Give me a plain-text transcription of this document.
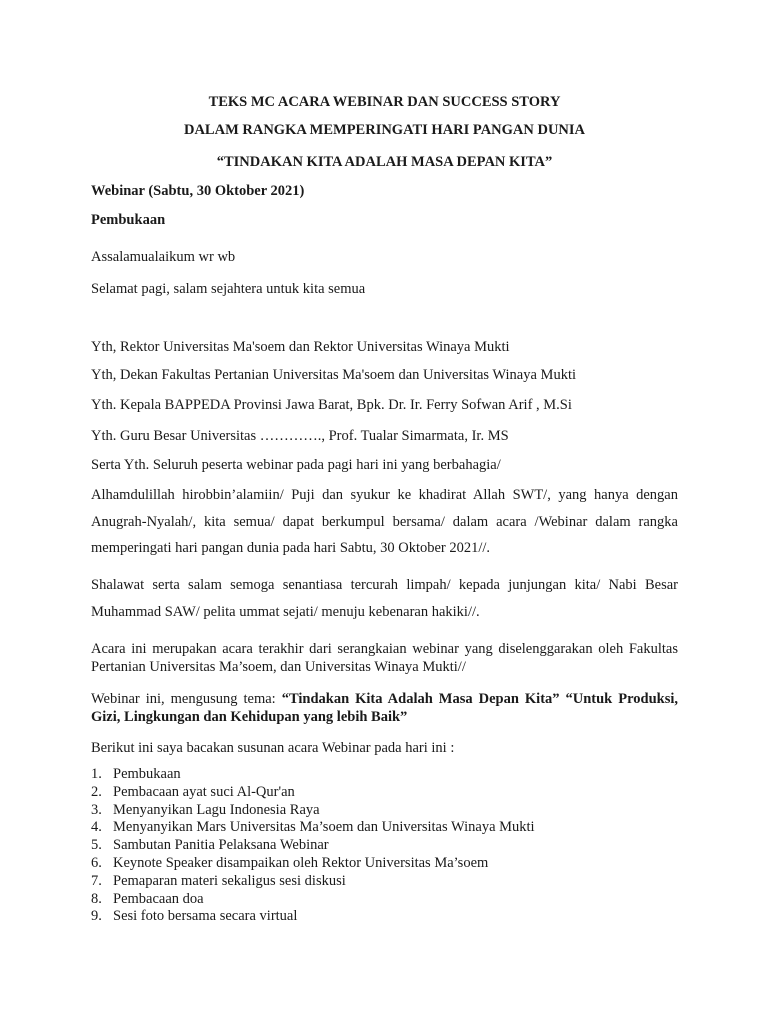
TEKS MC ACARA WEBINAR DAN SUCCESS STORY
DALAM RANGKA MEMPERINGATI HARI PANGAN DUNIA
“TINDAKAN KITA ADALAH MASA DEPAN KITA”
Webinar (Sabtu, 30 Oktober 2021)
Pembukaan
Assalamualaikum wr wb
Selamat pagi, salam sejahtera untuk kita semua
Yth, Rektor Universitas Ma'soem dan Rektor Universitas Winaya Mukti
Yth, Dekan Fakultas Pertanian Universitas Ma'soem dan Universitas Winaya Mukti
Yth. Kepala BAPPEDA Provinsi Jawa Barat, Bpk. Dr. Ir. Ferry Sofwan Arif , M.Si
Yth. Guru Besar Universitas …………., Prof. Tualar Simarmata, Ir. MS
Serta Yth. Seluruh peserta webinar pada pagi hari ini yang berbahagia/
Alhamdulillah hirobbin’alamiin/ Puji dan syukur ke khadirat Allah SWT/, yang hanya dengan
Anugrah-Nyalah/, kita semua/ dapat berkumpul bersama/ dalam acara /Webinar dalam rangka
memperingati hari pangan dunia pada hari Sabtu, 30 Oktober 2021//.
Shalawat serta salam semoga senantiasa tercurah limpah/ kepada junjungan kita/ Nabi Besar
Muhammad SAW/ pelita ummat sejati/ menuju kebenaran hakiki//.
Acara ini merupakan acara terakhir dari serangkaian webinar yang diselenggarakan oleh Fakultas
Pertanian Universitas Ma’soem, dan Universitas Winaya Mukti//
Webinar ini, mengusung tema: “Tindakan Kita Adalah Masa Depan Kita” “Untuk Produksi,
Gizi, Lingkungan dan Kehidupan yang lebih Baik”
Berikut ini saya bacakan susunan acara Webinar pada hari ini :
1. Pembukaan
2. Pembacaan ayat suci Al-Qur'an
3. Menyanyikan Lagu Indonesia Raya
4. Menyanyikan Mars Universitas Ma’soem dan Universitas Winaya Mukti
5. Sambutan Panitia Pelaksana Webinar
6. Keynote Speaker disampaikan oleh Rektor Universitas Ma’soem
7. Pemaparan materi sekaligus sesi diskusi
8. Pembacaan doa
9. Sesi foto bersama secara virtual
